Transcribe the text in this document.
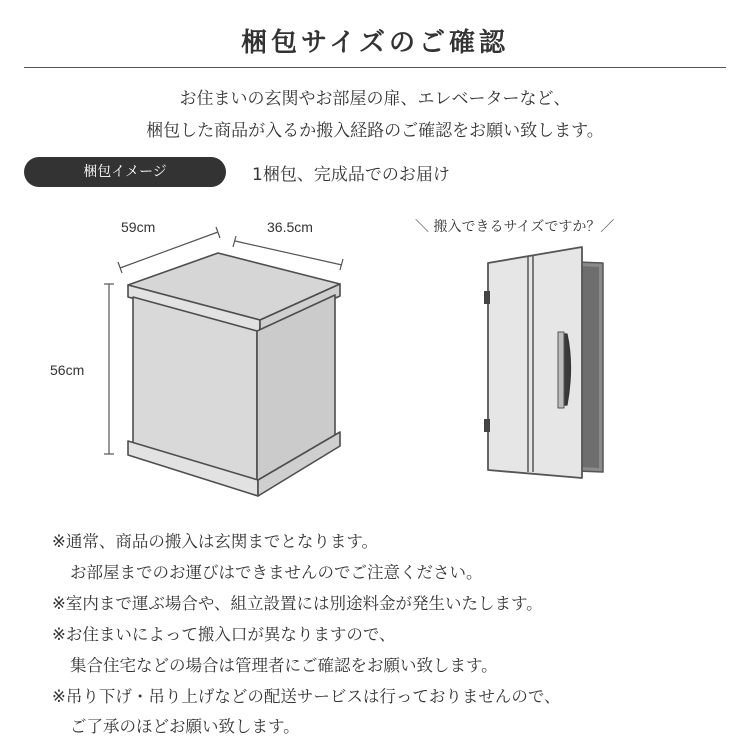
梱包サイズのご確認
お住まいの玄関やお部屋の扉、エレベーターなど、
梱包した商品が入るか搬入経路のご確認をお願い致します。
梱包イメージ	1梱包、完成品でのお届け
59cm	36.5cm
56cm
＼ 搬入できるサイズですか？／
※通常、商品の搬入は玄関までとなります。
お部屋までのお運びはできませんのでご注意ください。
※室内まで運ぶ場合や、組立設置には別途料金が発生いたします。
※お住まいによって搬入口が異なりますので、
集合住宅などの場合は管理者にご確認をお願い致します。
※吊り下げ・吊り上げなどの配送サービスは行っておりませんので、
ご了承のほどお願い致します。
